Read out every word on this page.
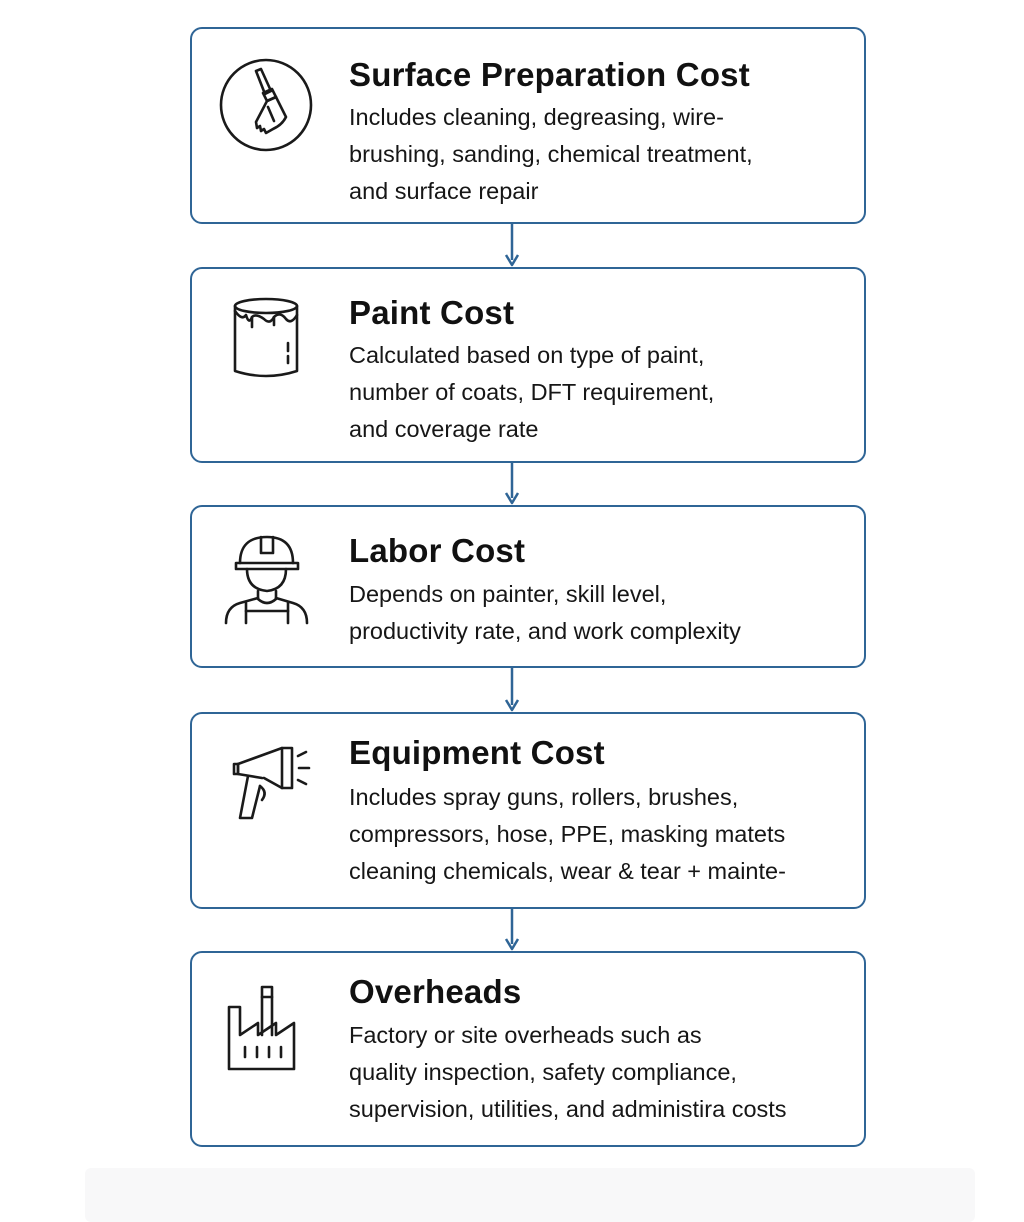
Surface Preparation Cost
Includes cleaning, degreasing, wire-
brushing, sanding, chemical treatment,
and surface repair
Paint Cost
Calculated based on type of paint,
number of coats, DFT requirement,
and coverage rate
Labor Cost
Depends on painter, skill level,
productivity rate, and work complexity
Equipment Cost
Includes spray guns, rollers, brushes,
compressors, hose, PPE, masking matets
cleaning chemicals, wear & tear + mainte-
Overheads
Factory or site overheads such as
quality inspection, safety compliance,
supervision, utilities, and administira costs
